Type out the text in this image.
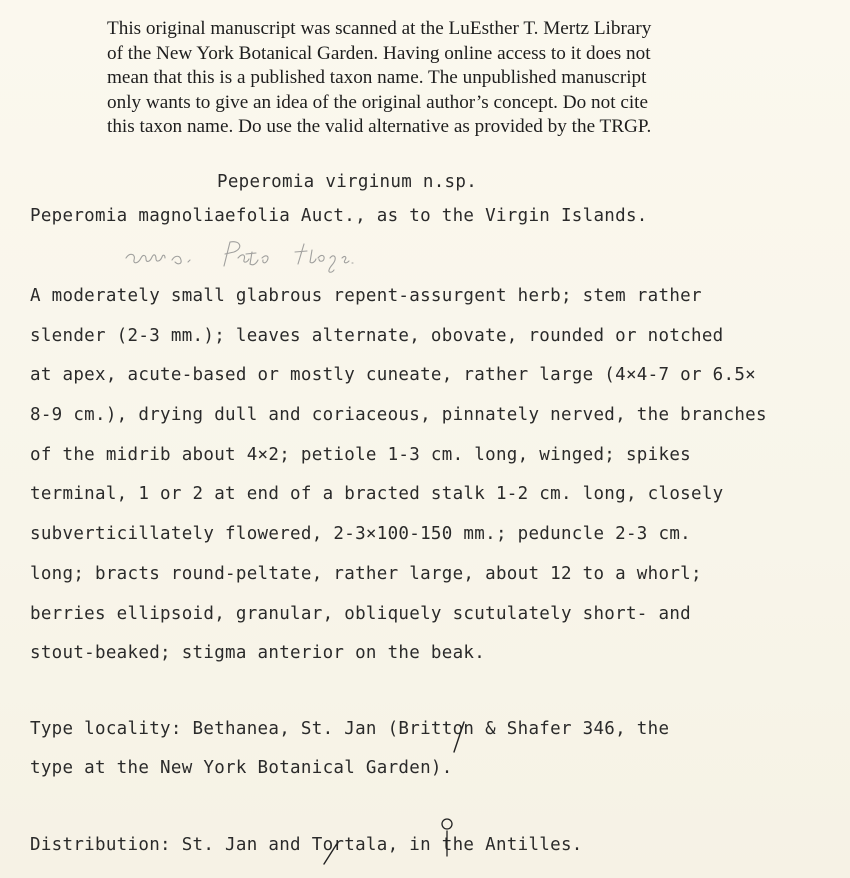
This original manuscript was scanned at the LuEsther T. Mertz Library
of the New York Botanical Garden. Having online access to it does not
mean that this is a published taxon name. The unpublished manuscript
only wants to give an idea of the original author’s concept. Do not cite
this taxon name. Do use the valid alternative as provided by the TRGP.
Peperomia virginum n.sp.
Peperomia magnoliaefolia Auct., as to the Virgin Islands.
A moderately small glabrous repent-assurgent herb; stem rather
slender (2-3 mm.); leaves alternate, obovate, rounded or notched
at apex, acute-based or mostly cuneate, rather large (4×4-7 or 6.5×
8-9 cm.), drying dull and coriaceous, pinnately nerved, the branches
of the midrib about 4×2; petiole 1-3 cm. long, winged; spikes
terminal, 1 or 2 at end of a bracted stalk 1-2 cm. long, closely
subverticillately flowered, 2-3×100-150 mm.; peduncle 2-3 cm.
long; bracts round-peltate, rather large, about 12 to a whorl;
berries ellipsoid, granular, obliquely scutulately short- and
stout-beaked; stigma anterior on the beak.
Type locality: Bethanea, St. Jan (Britton & Shafer 346, the
type at the New York Botanical Garden).
Distribution: St. Jan and Tortala, in the Antilles.
